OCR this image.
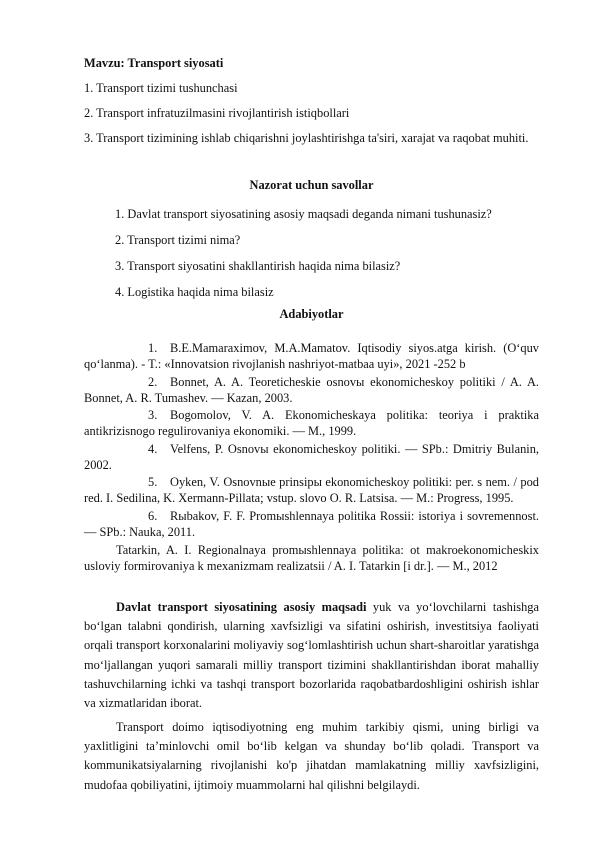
Mavzu: Transport siyosati

1. Transport tizimi tushunchasi

2. Transport infratuzilmasini rivojlantirish istiqbollari

3. Transport tizimining ishlab chiqarishni joylashtirishga ta'siri, xarajat va raqobat muhiti.

Nazorat uchun savollar

1. Davlat transport siyosatining asosiy maqsadi deganda nimani tushunasiz?

2. Transport tizimi nima?

3. Transport siyosatini shakllantirish haqida nima bilasiz?

4. Logistika haqida nima bilasiz

Adabiyotlar

1. B.E.Mamaraximov, M.A.Mamatov. Iqtisodiy siyos.atga kirish. (O‘quv qo‘lanma). - T.: «Innovatsion rivojlanish nashriyot-matbaa uyi», 2021 -252 b
2. Bonnet, A. A. Teoreticheskie osnovы ekonomicheskoy politiki / A. A. Bonnet, A. R. Tumashev. — Kazan, 2003.
3. Bogomolov, V. A. Ekonomicheskaya politika: teoriya i praktika antikrizisnogo regulirovaniya ekonomiki. — M., 1999.
4. Velfens, P. Osnovы ekonomicheskoy politiki. — SPb.: Dmitriy Bulanin, 2002.
5. Oyken, V. Osnovnыe prinsipы ekonomicheskoy politiki: per. s nem. / pod red. I. Sedilina, K. Xermann-Pillata; vstup. slovo O. R. Latsisa. — M.: Progress, 1995.
6. Rыbakov, F. F. Promыshlennaya politika Rossii: istoriya i sovremennost. — SPb.: Nauka, 2011.
Tatarkin, A. I. Regionalnaya promыshlennaya politika: ot makroekonomicheskix usloviy formirovaniya k mexanizmam realizatsii / A. I. Tatarkin [i dr.]. — M., 2012

Davlat transport siyosatining asosiy maqsadi yuk va yo‘lovchilarni tashishga bo‘lgan talabni qondirish, ularning xavfsizligi va sifatini oshirish, investitsiya faoliyati orqali transport korxonalarini moliyaviy sog‘lomlashtirish uchun shart-sharoitlar yaratishga mo‘ljallangan yuqori samarali milliy transport tizimini shakllantirishdan iborat mahalliy tashuvchilarning ichki va tashqi transport bozorlarida raqobatbardoshligini oshirish ishlar va xizmatlaridan iborat.

Transport doimo iqtisodiyotning eng muhim tarkibiy qismi, uning birligi va yaxlitligini ta’minlovchi omil bo‘lib kelgan va shunday bo‘lib qoladi. Transport va kommunikatsiyalarning rivojlanishi ko'p jihatdan mamlakatning milliy xavfsizligini, mudofaa qobiliyatini, ijtimoiy muammolarni hal qilishni belgilaydi.
